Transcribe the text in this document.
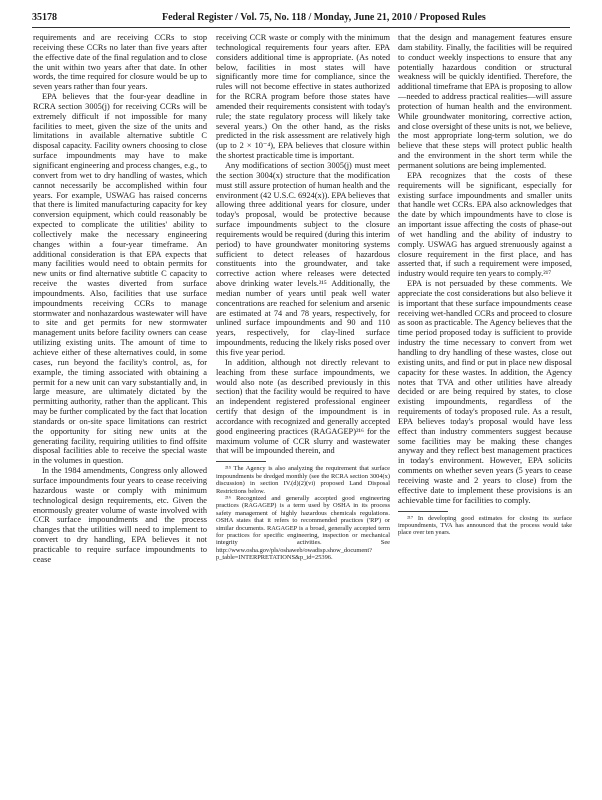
35178	Federal Register / Vol. 75, No. 118 / Monday, June 21, 2010 / Proposed Rules

requirements and are receiving CCRs to stop receiving these CCRs no later than five years after the effective date of the final regulation and to close the unit within two years after that date. In other words, the time required for closure would be up to seven years rather than four years.

EPA believes that the four-year deadline in RCRA section 3005(j) for receiving CCRs will be extremely difficult if not impossible for many facilities to meet, given the size of the units and limitations in available alternative subtitle C disposal capacity. Facility owners choosing to close surface impoundments may have to make significant engineering and process changes, e.g., to convert from wet to dry handling of wastes, which cannot necessarily be accomplished within four years. For example, USWAG has raised concerns that there is limited manufacturing capacity for key conversion equipment, which could reasonably be expected to complicate the utilities' ability to collectively make the necessary engineering changes within a four-year timeframe. An additional consideration is that EPA expects that many facilities would need to obtain permits for new units or find alternative subtitle C capacity to receive the wastes diverted from surface impoundments. Also, facilities that use surface impoundments receiving CCRs to manage stormwater and nonhazardous wastewater will have to site and get permits for new stormwater management units before facility owners can cease utilizing existing units. The amount of time to achieve either of these alternatives could, in some cases, run beyond the facility's control, as, for example, the timing associated with obtaining a permit for a new unit can vary substantially and, in large measure, are ultimately dictated by the permitting authority, rather than the applicant. This may be further complicated by the fact that location standards or on-site space limitations can restrict the opportunity for siting new units at the generating facility, requiring utilities to find offsite disposal facilities able to receive the special waste in the volumes in question.

In the 1984 amendments, Congress only allowed surface impoundments four years to cease receiving hazardous waste or comply with minimum technological design requirements, etc. Given the enormously greater volume of waste involved with CCR surface impoundments and the process changes that the utilities will need to implement to convert to dry handling, EPA believes it not practicable to require surface impoundments to cease

receiving CCR waste or comply with the minimum technological requirements four years after. EPA considers additional time is appropriate. (As noted below, facilities in most states will have significantly more time for compliance, since the rules will not become effective in states authorized for the RCRA program before those states have amended their requirements consistent with today's rule; the state regulatory process will likely take several years.) On the other hand, as the risks predicted in the risk assessment are relatively high (up to 2 × 10⁻⁴), EPA believes that closure within the shortest practicable time is important.

Any modifications of section 3005(j) must meet the section 3004(x) structure that the modification must still assure protection of human health and the environment (42 U.S.C. 6924(x)). EPA believes that allowing three additional years for closure, under today's proposal, would be protective because surface impoundments subject to the closure requirements would be required (during this interim period) to have groundwater monitoring systems sufficient to detect releases of hazardous constituents into the groundwater, and take corrective action where releases were detected above drinking water levels.²¹⁵ Additionally, the median number of years until peak well water concentrations are reached for selenium and arsenic are estimated at 74 and 78 years, respectively, for unlined surface impoundments and 90 and 110 years, respectively, for clay-lined surface impoundments, reducing the likely risks posed over this five year period.

In addition, although not directly relevant to leaching from these surface impoundments, we would also note (as described previously in this section) that the facility would be required to have an independent registered professional engineer certify that design of the impoundment is in accordance with recognized and generally accepted good engineering practices (RAGAGEP)²¹⁶ for the maximum volume of CCR slurry and wastewater that will be impounded therein, and

²¹⁵ The Agency is also analyzing the requirement that surface impoundments be dredged monthly (see the RCRA section 3004(x) discussion) in section IV.(d)(2)(vi) proposed Land Disposal Restrictions below.

²¹⁶ Recognized and generally accepted good engineering practices (RAGAGEP) is a term used by OSHA in its process safety management of highly hazardous chemicals regulations. OSHA states that it refers to recommended practices ('RP') or similar documents. RAGAGEP is a broad, generally accepted term for practices for specific engineering, inspection or mechanical integrity activities. See http://www.osha.gov/pls/oshaweb/owadisp.show_document?p_table=INTERPRETATIONS&p_id=25396.

that the design and management features ensure dam stability. Finally, the facilities will be required to conduct weekly inspections to ensure that any potentially hazardous condition or structural weakness will be quickly identified. Therefore, the additional timeframe that EPA is proposing to allow—needed to address practical realities—will assure protection of human health and the environment. While groundwater monitoring, corrective action, and close oversight of these units is not, we believe, the most appropriate long-term solution, we do believe that these steps will protect public health and the environment in the short term while the permanent solutions are being implemented.

EPA recognizes that the costs of these requirements will be significant, especially for existing surface impoundments and smaller units that handle wet CCRs. EPA also acknowledges that the date by which impoundments have to close is an important issue affecting the costs of phase-out of wet handling and the ability of industry to comply. USWAG has argued strenuously against a closure requirement in the first place, and has asserted that, if such a requirement were imposed, industry would require ten years to comply.²¹⁷

EPA is not persuaded by these comments. We appreciate the cost considerations but also believe it is important that these surface impoundments cease receiving wet-handled CCRs and proceed to closure as soon as practicable. The Agency believes that the time period proposed today is sufficient to provide industry the time necessary to convert from wet handling to dry handling of these wastes, close out existing units, and find or put in place new disposal capacity for these wastes. In addition, the Agency notes that TVA and other utilities have already decided or are being required by states, to close existing impoundments, regardless of the requirements of today's proposed rule. As a result, EPA believes today's proposal would have less effect than industry commenters suggest because some facilities may be making these changes anyway and they reflect best management practices in today's environment. However, EPA solicits comments on whether seven years (5 years to cease receiving waste and 2 years to close) from the effective date to implement these provisions is an achievable time for facilities to comply.

²¹⁷ In developing good estimates for closing its surface impoundments, TVA has announced that the process would take place over ten years.
